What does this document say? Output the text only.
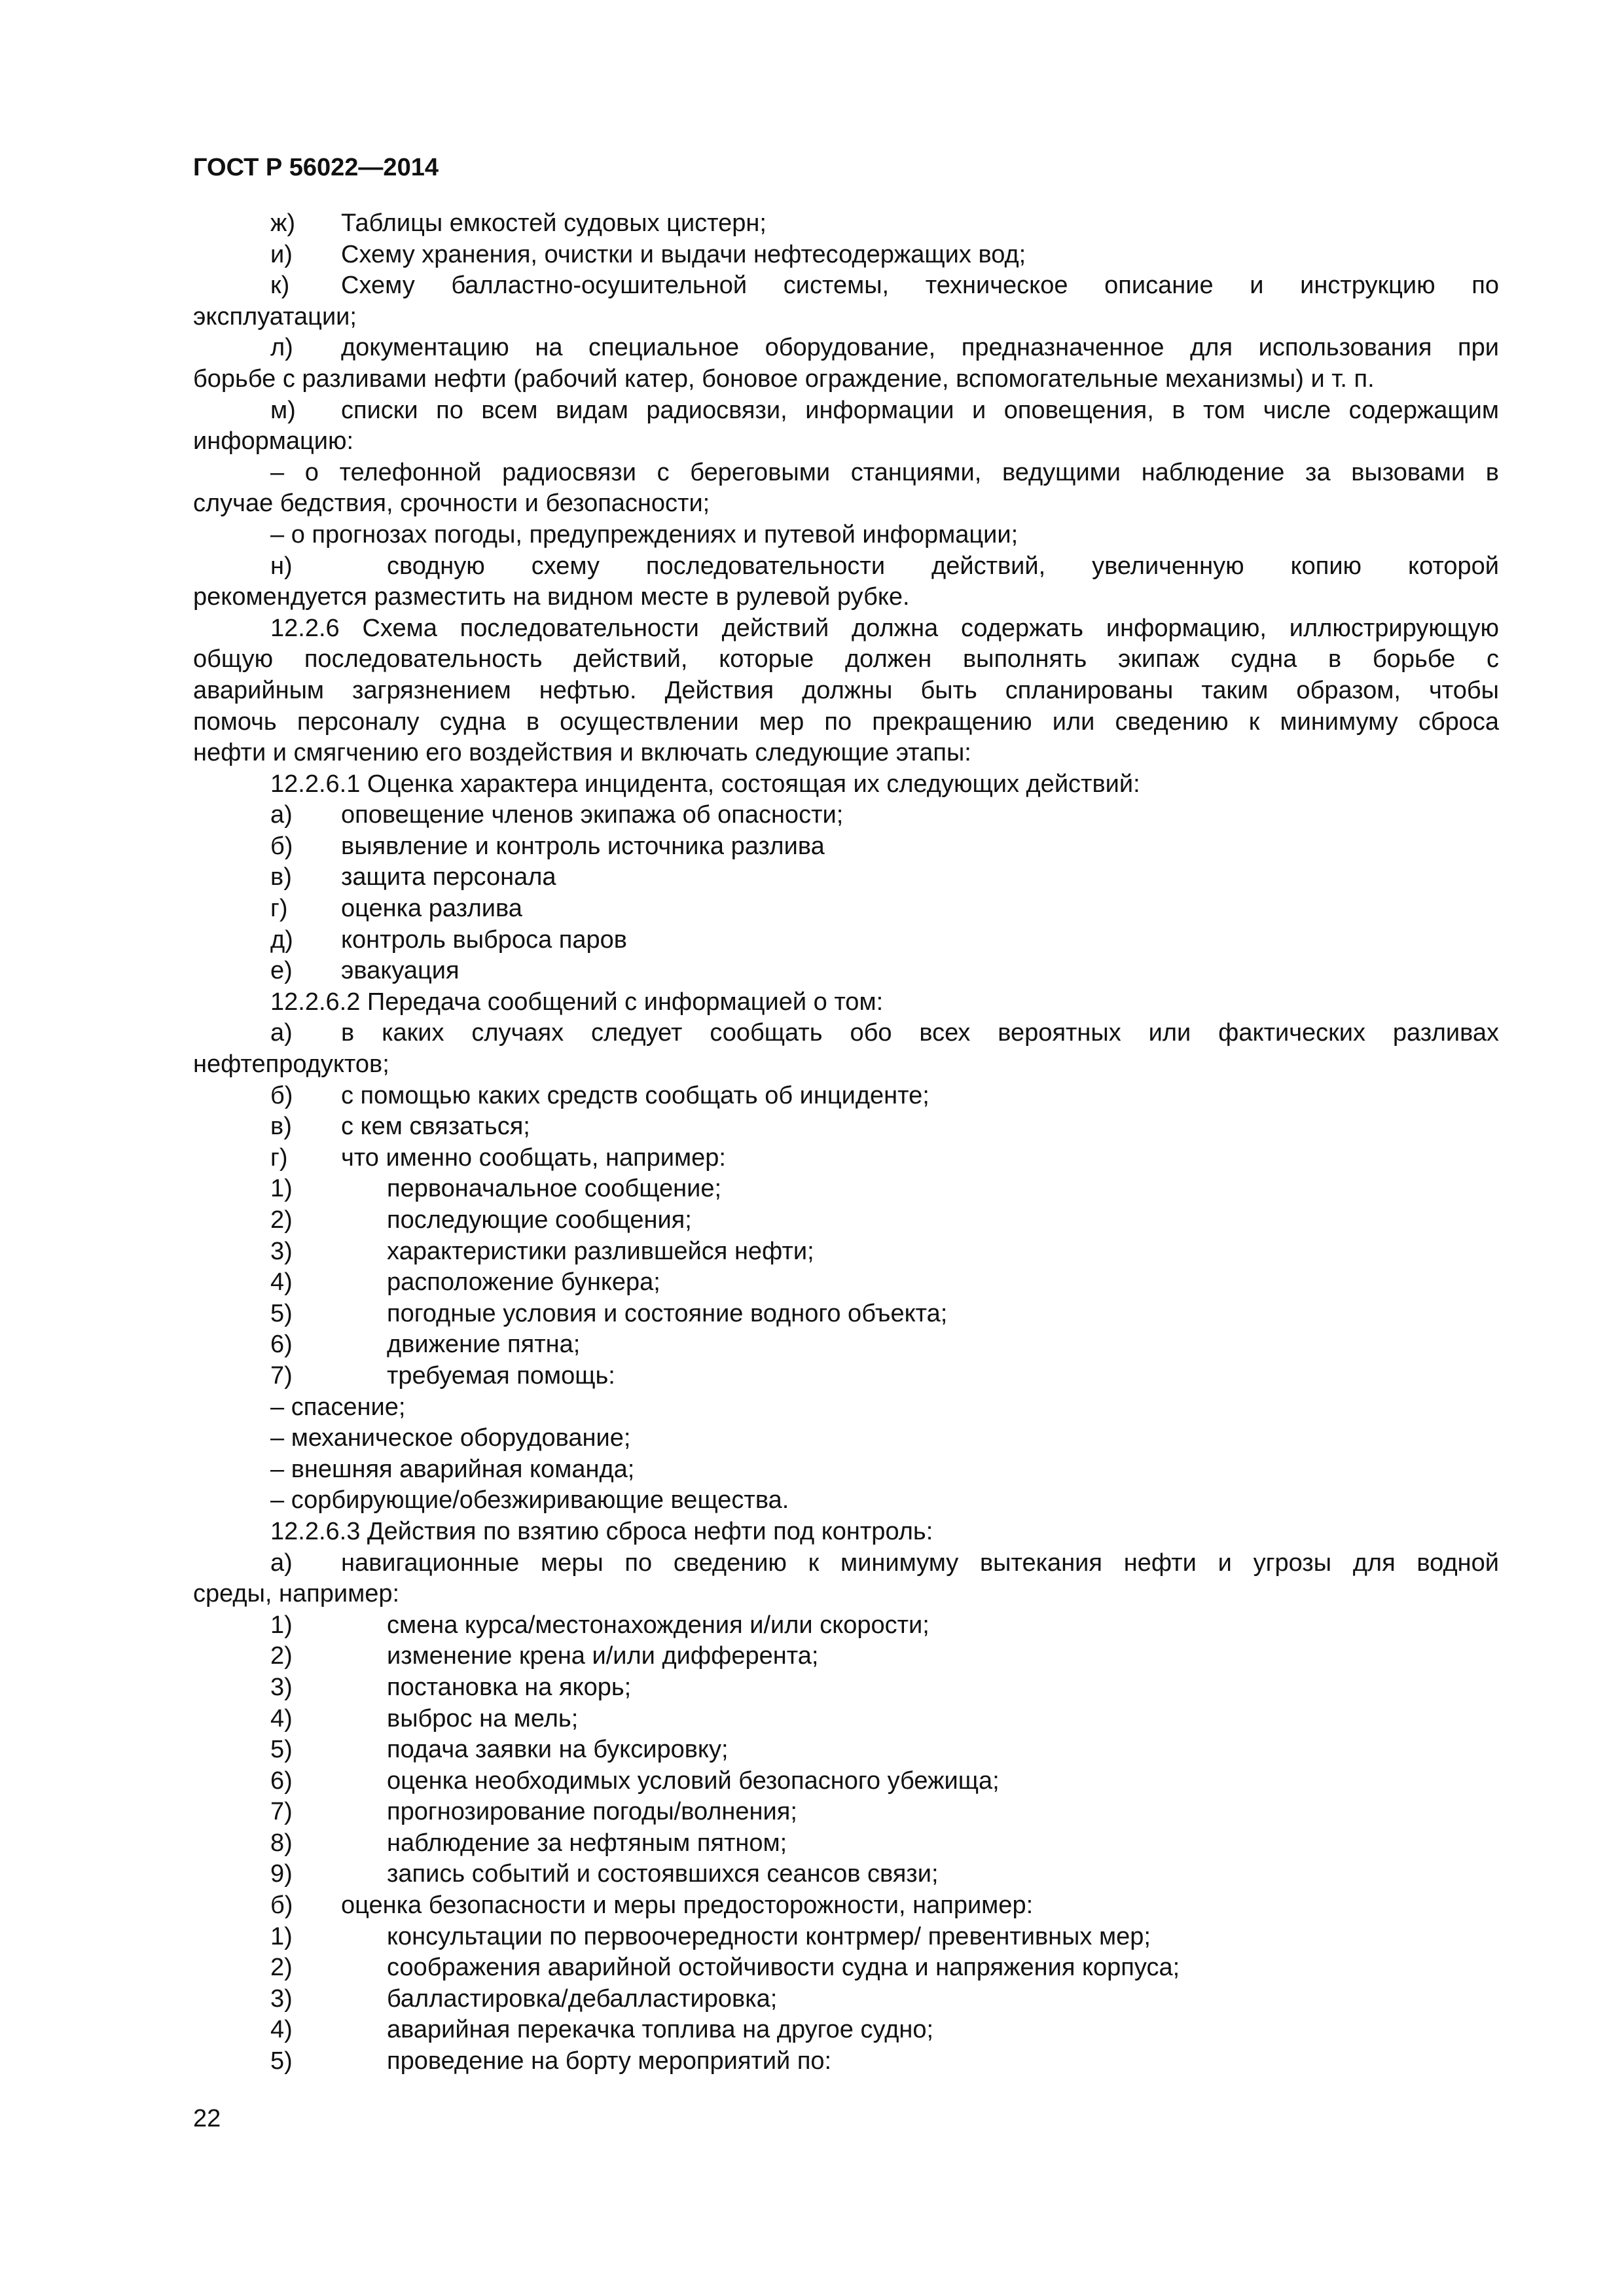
ГОСТ Р 56022—2014
ж)	Таблицы емкостей судовых цистерн;
и)	Схему хранения, очистки и выдачи нефтесодержащих вод;
к)	Схему балластно-осушительной системы, техническое описание и инструкцию по
эксплуатации;
л)	документацию на специальное оборудование, предназначенное для использования при
борьбе с разливами нефти (рабочий катер, боновое ограждение, вспомогательные механизмы) и т. п.
м)	списки по всем видам радиосвязи, информации и оповещения, в том числе содержащим
информацию:
– о телефонной радиосвязи с береговыми станциями, ведущими наблюдение за вызовами в
случае бедствия, срочности и безопасности;
– о прогнозах погоды, предупреждениях и путевой информации;
н)	сводную схему последовательности действий, увеличенную копию которой
рекомендуется разместить на видном месте в рулевой рубке.
12.2.6 Схема последовательности действий должна содержать информацию, иллюстрирующую
общую последовательность действий, которые должен выполнять экипаж судна в борьбе с
аварийным загрязнением нефтью. Действия должны быть спланированы таким образом, чтобы
помочь персоналу судна в осуществлении мер по прекращению или сведению к минимуму сброса
нефти и смягчению его воздействия и включать следующие этапы:
12.2.6.1 Оценка характера инцидента, состоящая их следующих действий:
а)	оповещение членов экипажа об опасности;
б)	выявление и контроль источника разлива
в)	защита персонала
г)	оценка разлива
д)	контроль выброса паров
е)	эвакуация
12.2.6.2 Передача сообщений с информацией о том:
а)	в каких случаях следует сообщать обо всех вероятных или фактических разливах
нефтепродуктов;
б)	с помощью каких средств сообщать об инциденте;
в)	с кем связаться;
г)	что именно сообщать, например:
1)	первоначальное сообщение;
2)	последующие сообщения;
3)	характеристики разлившейся нефти;
4)	расположение бункера;
5)	погодные условия и состояние водного объекта;
6)	движение пятна;
7)	требуемая помощь:
– спасение;
– механическое оборудование;
– внешняя аварийная команда;
– сорбирующие/обезжиривающие вещества.
12.2.6.3 Действия по взятию сброса нефти под контроль:
а)	навигационные меры по сведению к минимуму вытекания нефти и угрозы для водной
среды, например:
1)	смена курса/местонахождения и/или скорости;
2)	изменение крена и/или дифферента;
3)	постановка на якорь;
4)	выброс на мель;
5)	подача заявки на буксировку;
6)	оценка необходимых условий безопасного убежища;
7)	прогнозирование погоды/волнения;
8)	наблюдение за нефтяным пятном;
9)	запись событий и состоявшихся сеансов связи;
б)	оценка безопасности и меры предосторожности, например:
1)	консультации по первоочередности контрмер/ превентивных мер;
2)	соображения аварийной остойчивости судна и напряжения корпуса;
3)	балластировка/дебалластировка;
4)	аварийная перекачка топлива на другое судно;
5)	проведение на борту мероприятий по:

22
